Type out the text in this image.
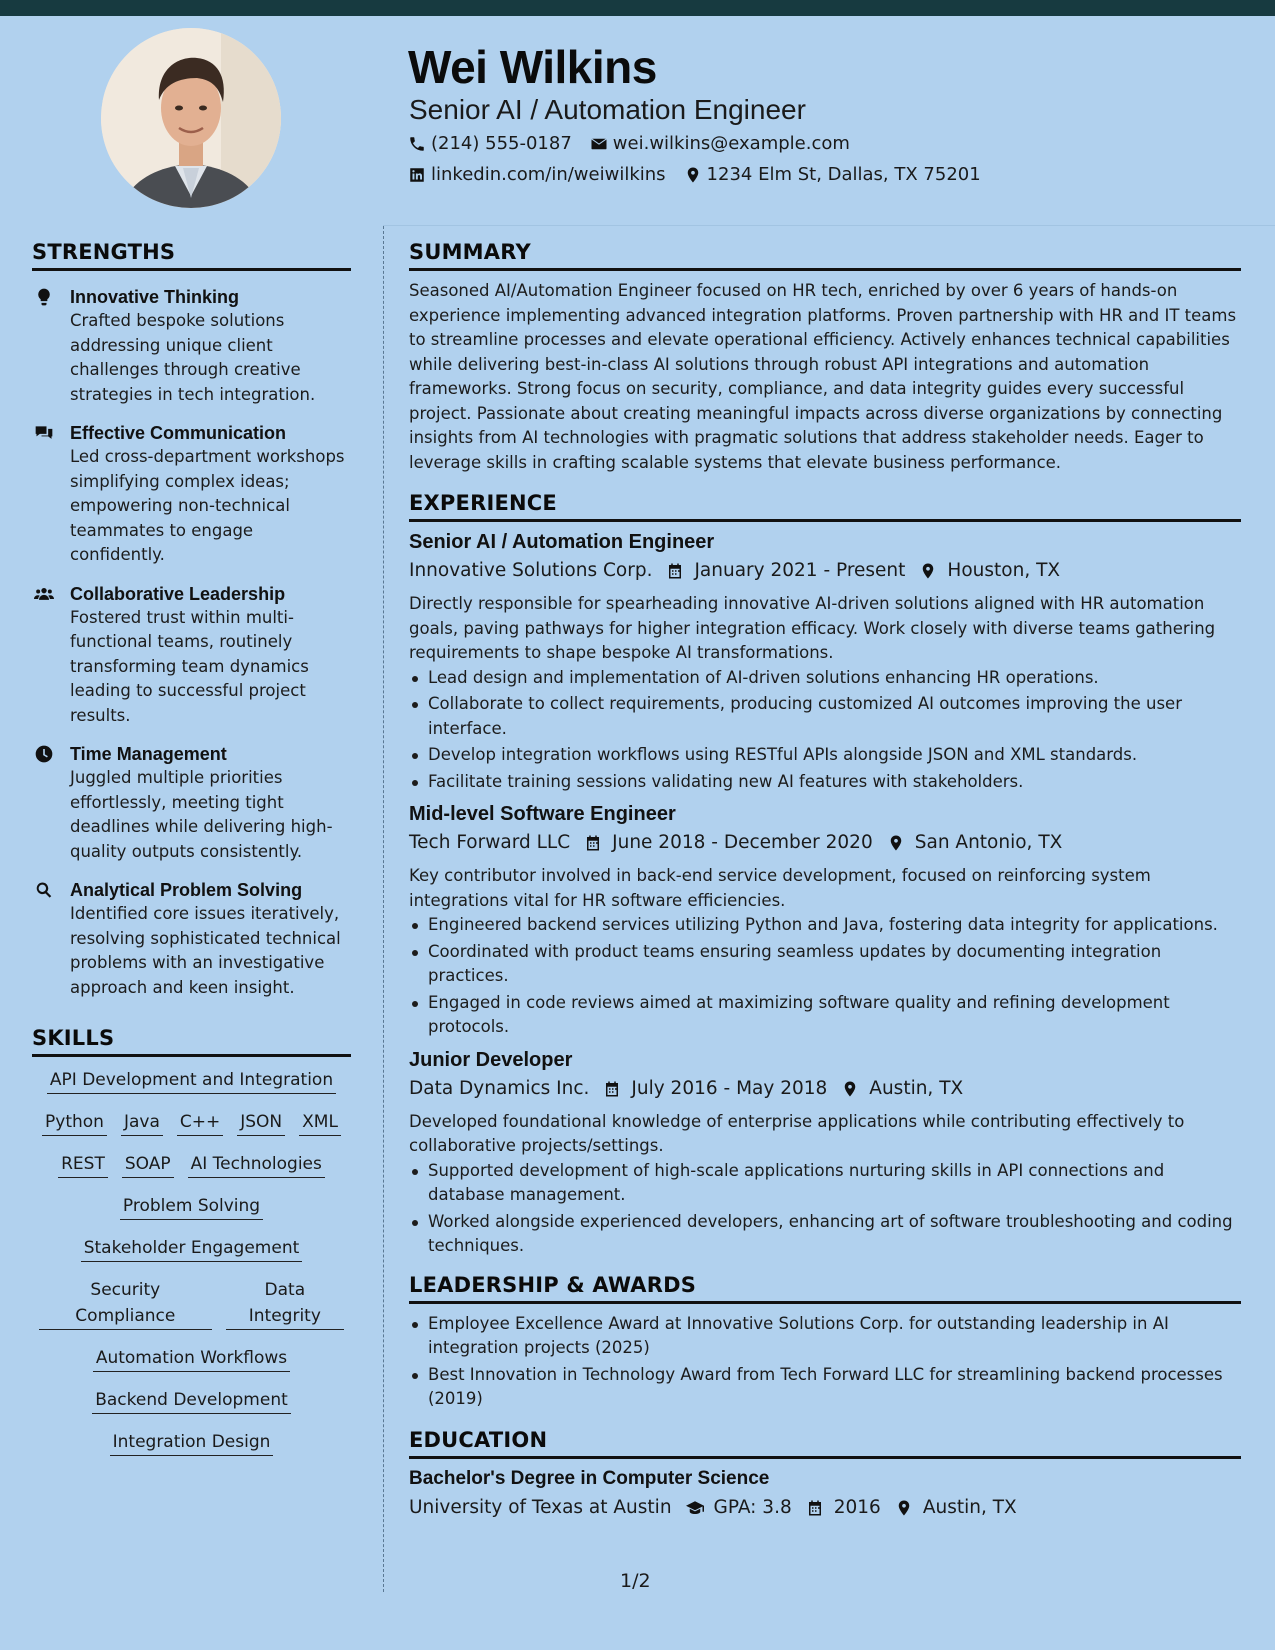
Wei Wilkins
Senior AI / Automation Engineer
(214) 555-0187 wei.wilkins@example.com
linkedin.com/in/weiwilkins 1234 Elm St, Dallas, TX 75201
STRENGTHS
Innovative Thinking
Crafted bespoke solutions addressing unique client challenges through creative strategies in tech integration.
Effective Communication
Led cross-department workshops simplifying complex ideas; empowering non-technical teammates to engage confidently.
Collaborative Leadership
Fostered trust within multi-functional teams, routinely transforming team dynamics leading to successful project results.
Time Management
Juggled multiple priorities effortlessly, meeting tight deadlines while delivering high-quality outputs consistently.
Analytical Problem Solving
Identified core issues iteratively, resolving sophisticated technical problems with an investigative approach and keen insight.
SKILLS
API Development and Integration
Python Java C++ JSON XML
REST SOAP AI Technologies
Problem Solving
Stakeholder Engagement
Security Compliance
Data Integrity
Automation Workflows
Backend Development
Integration Design
SUMMARY
Seasoned AI/Automation Engineer focused on HR tech, enriched by over 6 years of hands-on experience implementing advanced integration platforms. Proven partnership with HR and IT teams to streamline processes and elevate operational efficiency. Actively enhances technical capabilities while delivering best-in-class AI solutions through robust API integrations and automation frameworks. Strong focus on security, compliance, and data integrity guides every successful project. Passionate about creating meaningful impacts across diverse organizations by connecting insights from AI technologies with pragmatic solutions that address stakeholder needs. Eager to leverage skills in crafting scalable systems that elevate business performance.
EXPERIENCE
Senior AI / Automation Engineer
Innovative Solutions Corp. January 2021 - Present Houston, TX
Directly responsible for spearheading innovative AI-driven solutions aligned with HR automation goals, paving pathways for higher integration efficacy. Work closely with diverse teams gathering requirements to shape bespoke AI transformations.
Lead design and implementation of AI-driven solutions enhancing HR operations.
Collaborate to collect requirements, producing customized AI outcomes improving the user interface.
Develop integration workflows using RESTful APIs alongside JSON and XML standards.
Facilitate training sessions validating new AI features with stakeholders.
Mid-level Software Engineer
Tech Forward LLC June 2018 - December 2020 San Antonio, TX
Key contributor involved in back-end service development, focused on reinforcing system integrations vital for HR software efficiencies.
Engineered backend services utilizing Python and Java, fostering data integrity for applications.
Coordinated with product teams ensuring seamless updates by documenting integration practices.
Engaged in code reviews aimed at maximizing software quality and refining development protocols.
Junior Developer
Data Dynamics Inc. July 2016 - May 2018 Austin, TX
Developed foundational knowledge of enterprise applications while contributing effectively to collaborative projects/settings.
Supported development of high-scale applications nurturing skills in API connections and database management.
Worked alongside experienced developers, enhancing art of software troubleshooting and coding techniques.
LEADERSHIP & AWARDS
Employee Excellence Award at Innovative Solutions Corp. for outstanding leadership in AI integration projects (2025)
Best Innovation in Technology Award from Tech Forward LLC for streamlining backend processes (2019)
EDUCATION
Bachelor's Degree in Computer Science
University of Texas at Austin GPA: 3.8 2016 Austin, TX
1/2
